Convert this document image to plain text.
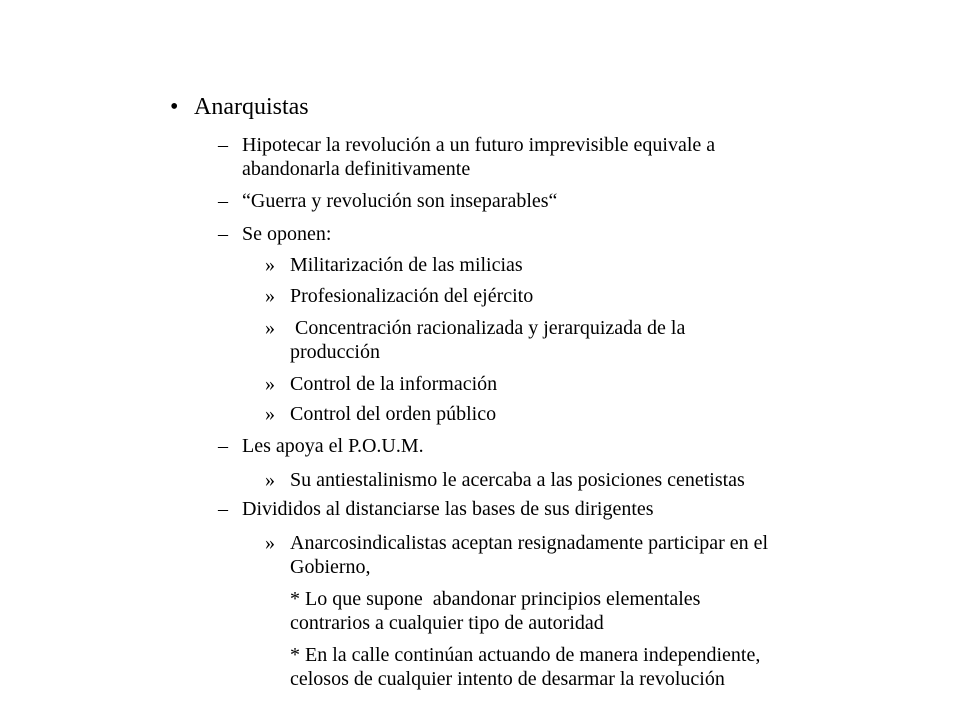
• Anarquistas
– Hipotecar la revolución a un futuro imprevisible equivale a
abandonarla definitivamente
– “Guerra y revolución son inseparables“
– Se oponen:
» Militarización de las milicias
» Profesionalización del ejército
» Concentración racionalizada y jerarquizada de la
producción
» Control de la información
» Control del orden público
– Les apoya el P.O.U.M.
» Su antiestalinismo le acercaba a las posiciones cenetistas
– Divididos al distanciarse las bases de sus dirigentes
» Anarcosindicalistas aceptan resignadamente participar en el
Gobierno,
* Lo que supone  abandonar principios elementales
contrarios a cualquier tipo de autoridad
* En la calle continúan actuando de manera independiente,
celosos de cualquier intento de desarmar la revolución
